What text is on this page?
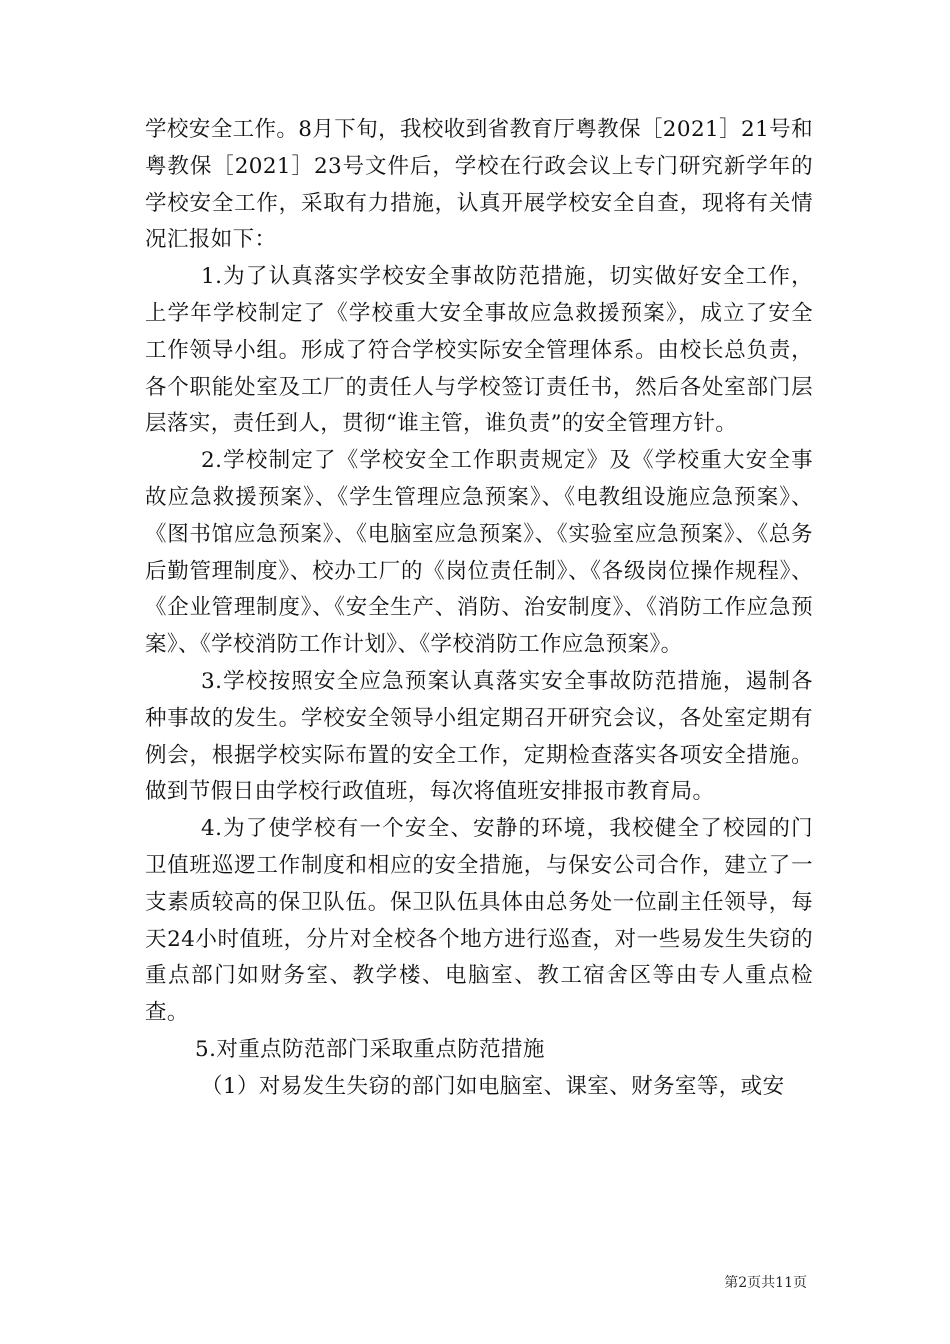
学校安全工作。8月下旬，我校收到省教育厅粤教保［2021］21号和粤教保［2021］23号文件后，学校在行政会议上专门研究新学年的学校安全工作，采取有力措施，认真开展学校安全自查，现将有关情况汇报如下：

1.为了认真落实学校安全事故防范措施，切实做好安全工作，上学年学校制定了《学校重大安全事故应急救援预案》，成立了安全工作领导小组。形成了符合学校实际安全管理体系。由校长总负责，各个职能处室及工厂的责任人与学校签订责任书，然后各处室部门层层落实，责任到人，贯彻“谁主管，谁负责”的安全管理方针。

2.学校制定了《学校安全工作职责规定》及《学校重大安全事故应急救援预案》、《学生管理应急预案》、《电教组设施应急预案》、《图书馆应急预案》、《电脑室应急预案》、《实验室应急预案》、《总务后勤管理制度》、校办工厂的《岗位责任制》、《各级岗位操作规程》、《企业管理制度》、《安全生产、消防、治安制度》、《消防工作应急预案》、《学校消防工作计划》、《学校消防工作应急预案》。

3.学校按照安全应急预案认真落实安全事故防范措施，遏制各种事故的发生。学校安全领导小组定期召开研究会议，各处室定期有例会，根据学校实际布置的安全工作，定期检查落实各项安全措施。做到节假日由学校行政值班，每次将值班安排报市教育局。

4.为了使学校有一个安全、安静的环境，我校健全了校园的门卫值班巡逻工作制度和相应的安全措施，与保安公司合作，建立了一支素质较高的保卫队伍。保卫队伍具体由总务处一位副主任领导，每天24小时值班，分片对全校各个地方进行巡查，对一些易发生失窃的重点部门如财务室、教学楼、电脑室、教工宿舍区等由专人重点检查。

5.对重点防范部门采取重点防范措施

（1）对易发生失窃的部门如电脑室、课室、财务室等，或安

第2页共11页
